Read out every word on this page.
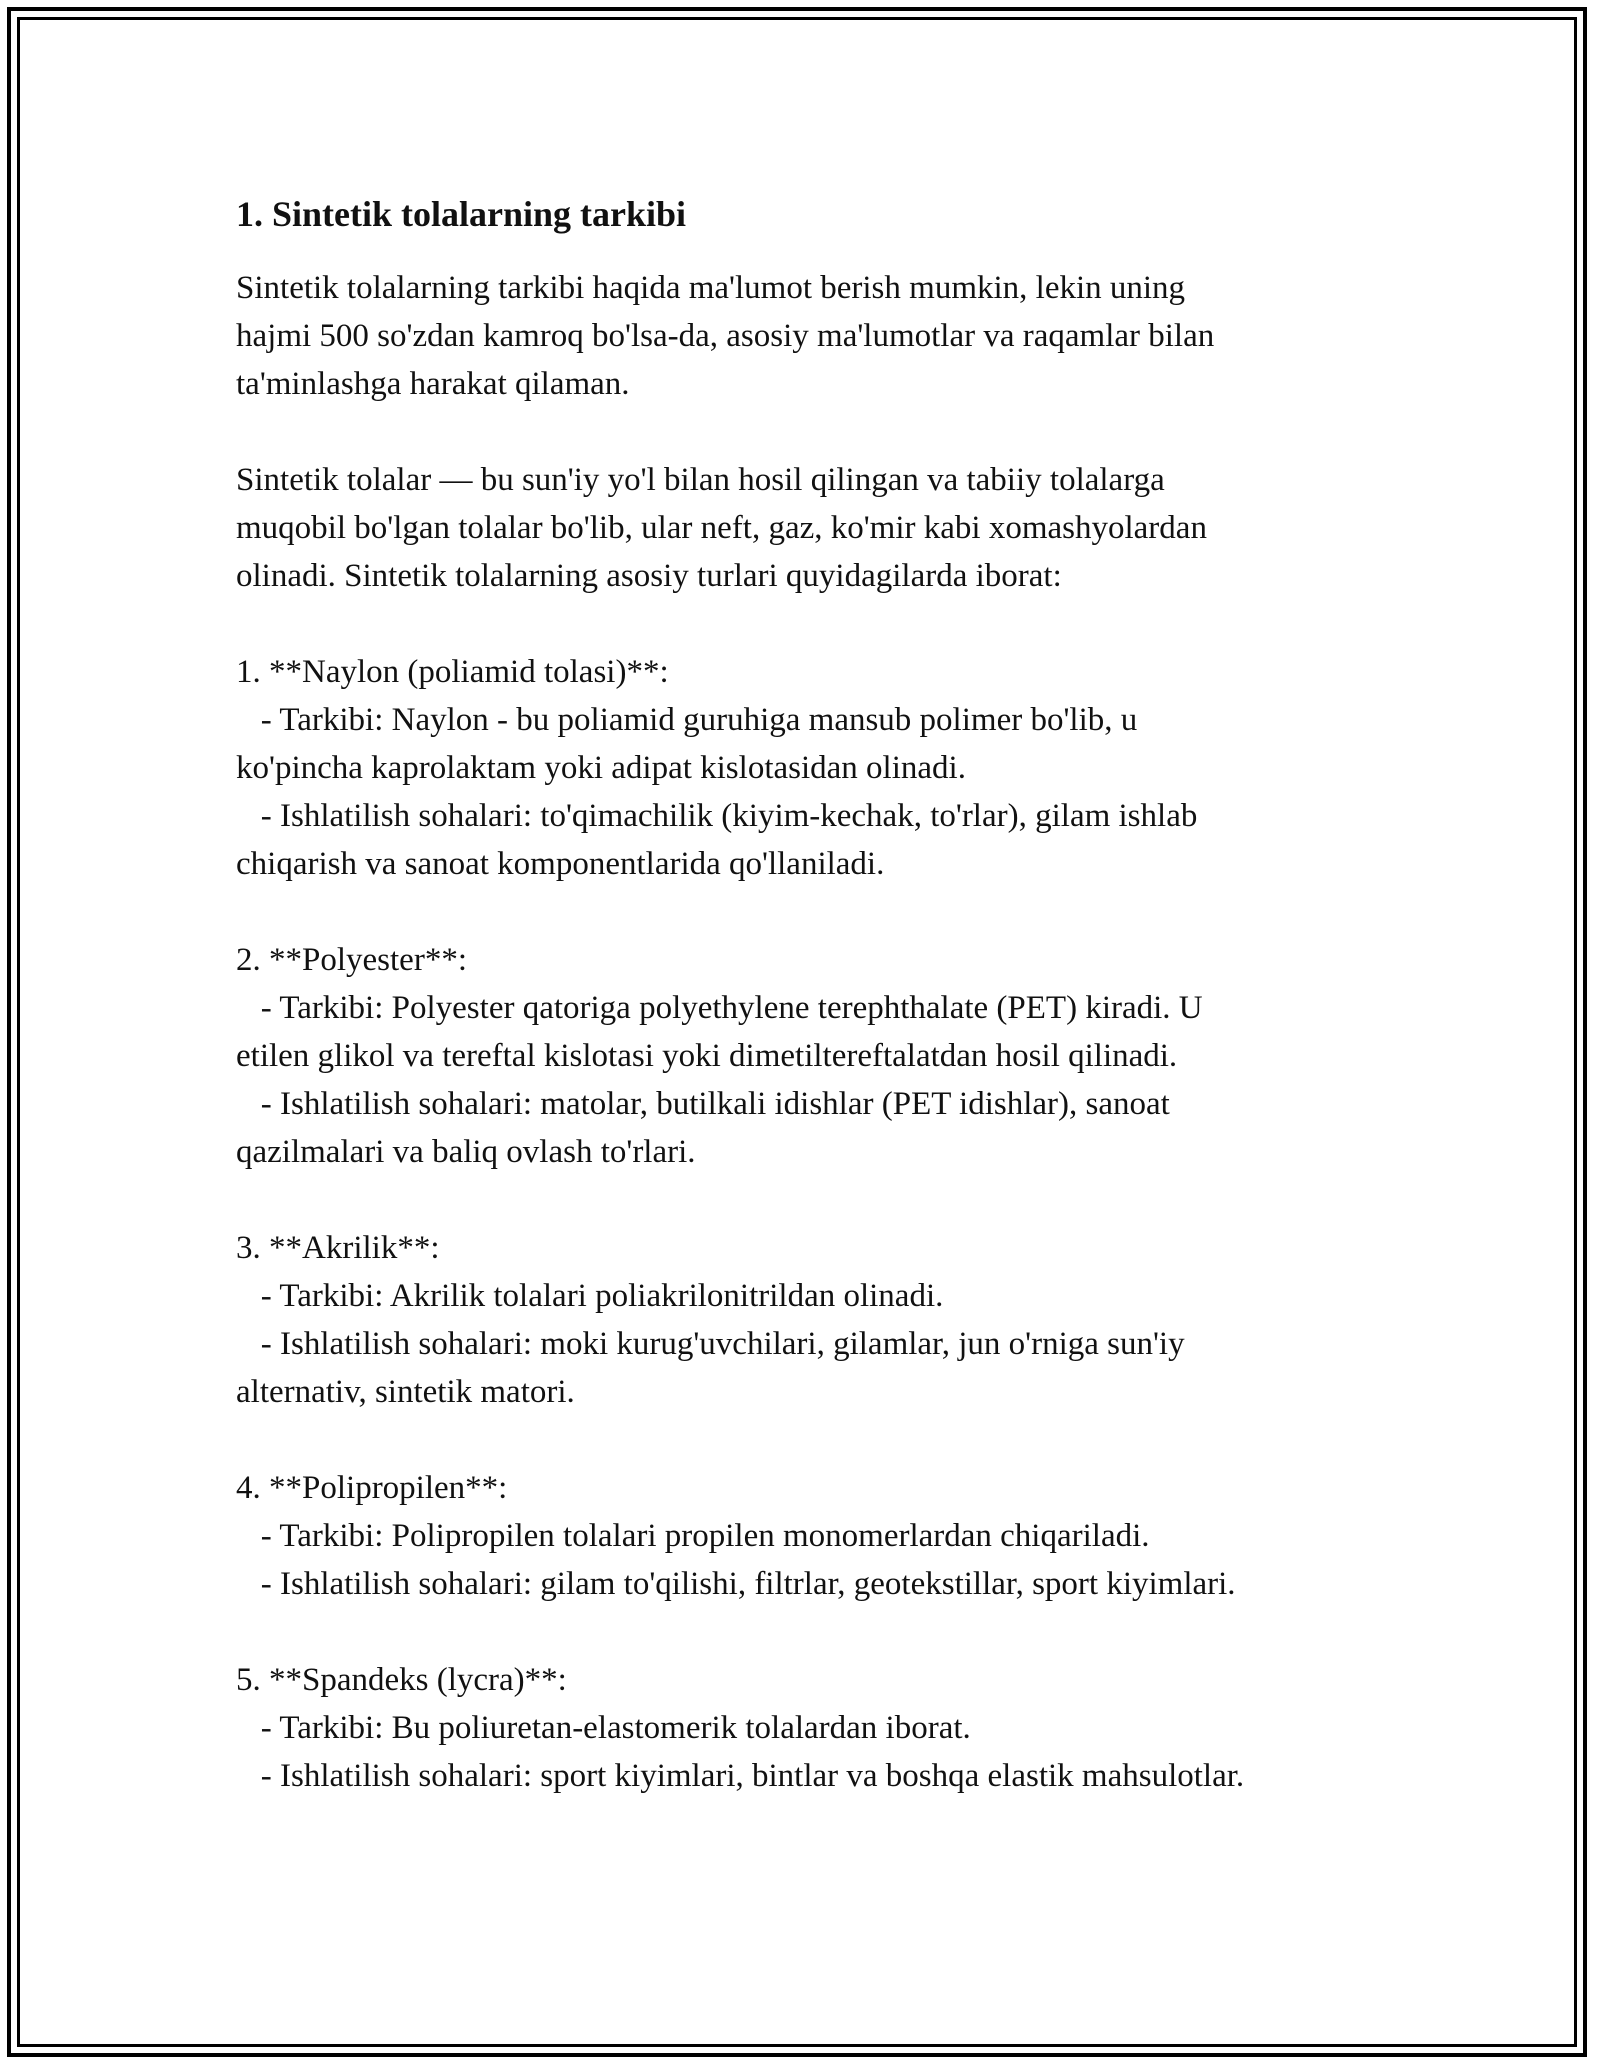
1. Sintetik tolalarning tarkibi

Sintetik tolalarning tarkibi haqida ma'lumot berish mumkin, lekin uning
hajmi 500 so'zdan kamroq bo'lsa-da, asosiy ma'lumotlar va raqamlar bilan
ta'minlashga harakat qilaman.

Sintetik tolalar — bu sun'iy yo'l bilan hosil qilingan va tabiiy tolalarga
muqobil bo'lgan tolalar bo'lib, ular neft, gaz, ko'mir kabi xomashyolardan
olinadi. Sintetik tolalarning asosiy turlari quyidagilarda iborat:

1. **Naylon (poliamid tolasi)**:

- Tarkibi: Naylon - bu poliamid guruhiga mansub polimer bo'lib, u
ko'pincha kaprolaktam yoki adipat kislotasidan olinadi.

- Ishlatilish sohalari: to'qimachilik (kiyim-kechak, to'rlar), gilam ishlab
chiqarish va sanoat komponentlarida qo'llaniladi.

2. **Polyester**:

- Tarkibi: Polyester qatoriga polyethylene terephthalate (PET) kiradi. U
etilen glikol va tereftal kislotasi yoki dimetiltereftalatdan hosil qilinadi.

- Ishlatilish sohalari: matolar, butilkali idishlar (PET idishlar), sanoat
qazilmalari va baliq ovlash to'rlari.

3. **Akrilik**:

- Tarkibi: Akrilik tolalari poliakrilonitrildan olinadi.

- Ishlatilish sohalari: moki kurug'uvchilari, gilamlar, jun o'rniga sun'iy
alternativ, sintetik matori.

4. **Polipropilen**:

- Tarkibi: Polipropilen tolalari propilen monomerlardan chiqariladi.

- Ishlatilish sohalari: gilam to'qilishi, filtrlar, geotekstillar, sport kiyimlari.

5. **Spandeks (lycra)**:

- Tarkibi: Bu poliuretan-elastomerik tolalardan iborat.

- Ishlatilish sohalari: sport kiyimlari, bintlar va boshqa elastik mahsulotlar.
